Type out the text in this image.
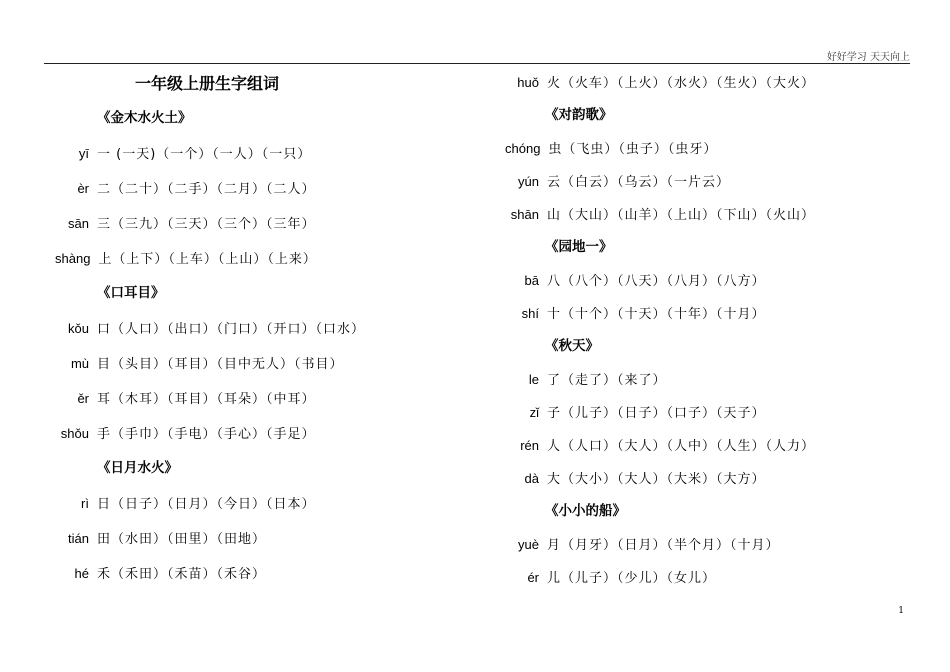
好好学习 天天向上
一年级上册生字组词
《金木水火土》
yī 一 (一天)（一个）（一人）（一只）
èr 二（二十）（二手）（二月）（二人）
sān 三（三九）（三天）（三个）（三年）
shàng 上（上下）（上车）（上山）（上来）
《口耳目》
kǒu 口（人口）（出口）（门口）（开口）（口水）
mù 目（头目）（耳目）（目中无人）（书目）
ěr 耳（木耳）（耳目）（耳朵）（中耳）
shǒu 手（手巾）（手电）（手心）（手足）
《日月水火》
rì 日（日子）（日月）（今日）（日本）
tián 田（水田）（田里）（田地）
hé 禾（禾田）（禾苗）（禾谷）
huǒ 火（火车）（上火）（水火）（生火）（大火）
《对韵歌》
chóng 虫（飞虫）（虫子）（虫牙）
yún 云（白云）（乌云）（一片云）
shān 山（大山）（山羊）（上山）（下山）（火山）
《园地一》
bā 八（八个）（八天）（八月）（八方）
shí 十（十个）（十天）（十年）（十月）
《秋天》
le 了（走了）（来了）
zǐ 子（儿子）（日子）（口子）（天子）
rén 人（人口）（大人）（人中）（人生）（人力）
dà 大（大小）（大人）（大米）（大方）
《小小的船》
yuè 月（月牙）（日月）（半个月）（十月）
ér 儿（儿子）（少儿）（女儿）
1
